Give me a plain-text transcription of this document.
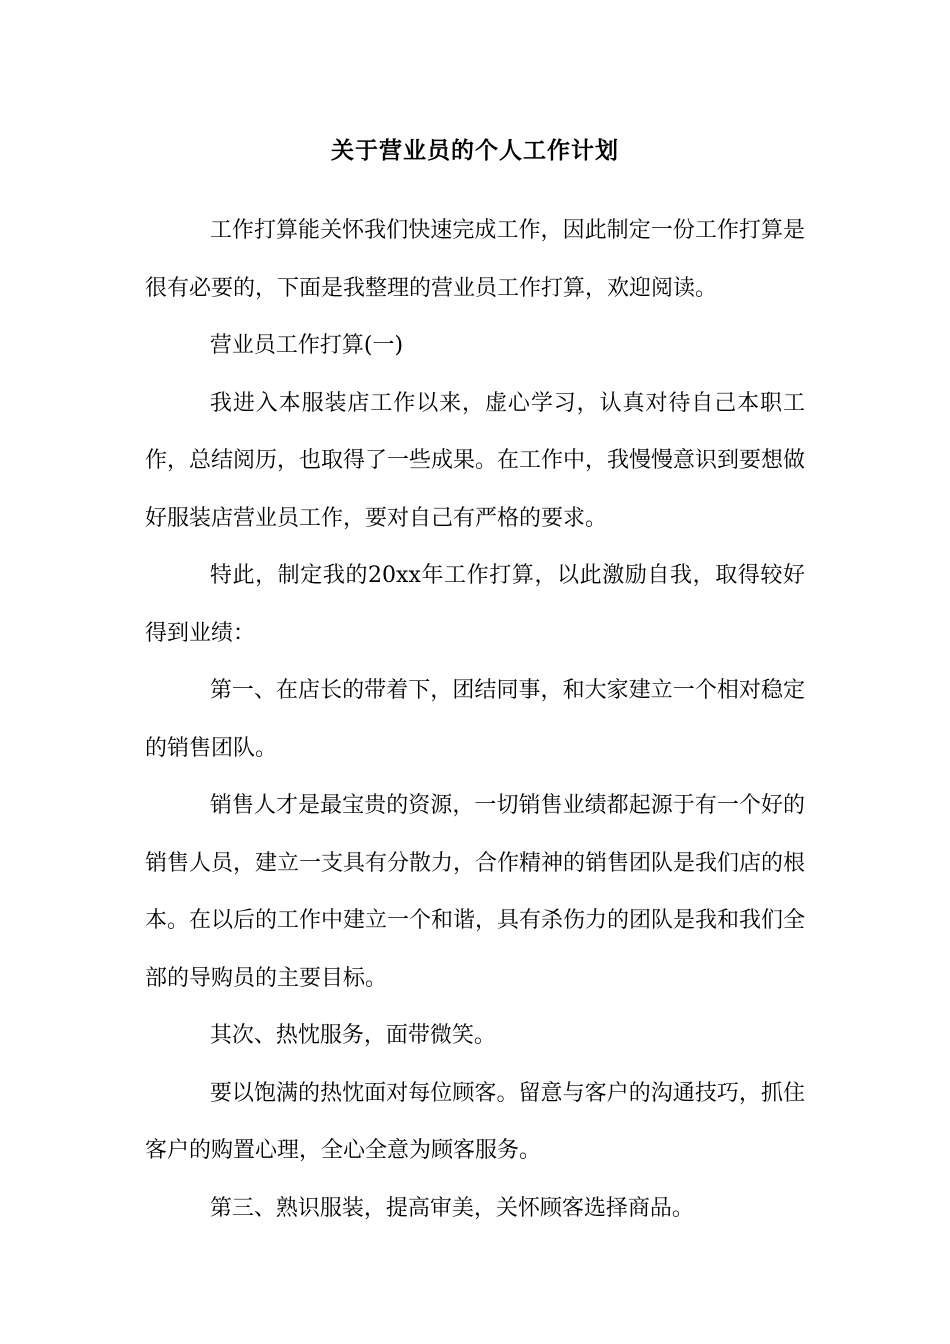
关于营业员的个人工作计划

工作打算能关怀我们快速完成工作，因此制定一份工作打算是很有必要的，下面是我整理的营业员工作打算，欢迎阅读。

营业员工作打算(一)

我进入本服装店工作以来，虚心学习，认真对待自己本职工作，总结阅历，也取得了一些成果。在工作中，我慢慢意识到要想做好服装店营业员工作，要对自己有严格的要求。

特此，制定我的20xx年工作打算，以此激励自我，取得较好得到业绩：

第一、在店长的带着下，团结同事，和大家建立一个相对稳定的销售团队。

销售人才是最宝贵的资源，一切销售业绩都起源于有一个好的销售人员，建立一支具有分散力，合作精神的销售团队是我们店的根本。在以后的工作中建立一个和谐，具有杀伤力的团队是我和我们全部的导购员的主要目标。

其次、热忱服务，面带微笑。

要以饱满的热忱面对每位顾客。留意与客户的沟通技巧，抓住客户的购置心理，全心全意为顾客服务。

第三、熟识服装，提高审美，关怀顾客选择商品。
